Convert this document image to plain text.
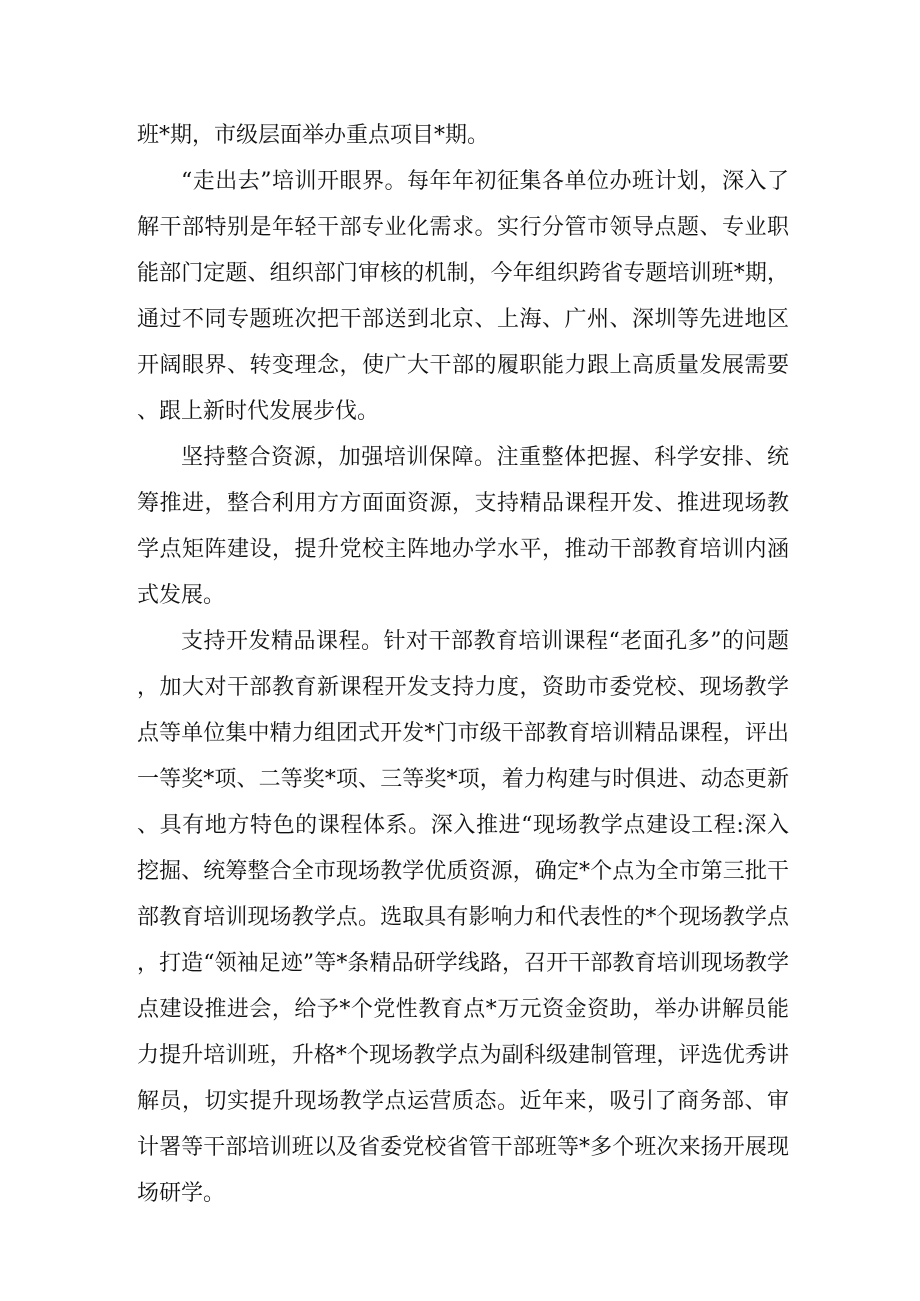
班*期，市级层面举办重点项目*期。

“走出去”培训开眼界。每年年初征集各单位办班计划，深入了解干部特别是年轻干部专业化需求。实行分管市领导点题、专业职能部门定题、组织部门审核的机制，今年组织跨省专题培训班*期，通过不同专题班次把干部送到北京、上海、广州、深圳等先进地区开阔眼界、转变理念，使广大干部的履职能力跟上高质量发展需要、跟上新时代发展步伐。

坚持整合资源，加强培训保障。注重整体把握、科学安排、统筹推进，整合利用方方面面资源，支持精品课程开发、推进现场教学点矩阵建设，提升党校主阵地办学水平，推动干部教育培训内涵式发展。

支持开发精品课程。针对干部教育培训课程“老面孔多”的问题，加大对干部教育新课程开发支持力度，资助市委党校、现场教学点等单位集中精力组团式开发*门市级干部教育培训精品课程，评出一等奖*项、二等奖*项、三等奖*项，着力构建与时俱进、动态更新、具有地方特色的课程体系。深入推进“现场教学点建设工程:深入挖掘、统筹整合全市现场教学优质资源，确定*个点为全市第三批干部教育培训现场教学点。选取具有影响力和代表性的*个现场教学点，打造“领袖足迹”等*条精品研学线路，召开干部教育培训现场教学点建设推进会，给予*个党性教育点*万元资金资助，举办讲解员能力提升培训班，升格*个现场教学点为副科级建制管理，评选优秀讲解员，切实提升现场教学点运营质态。近年来，吸引了商务部、审计署等干部培训班以及省委党校省管干部班等*多个班次来扬开展现场研学。
